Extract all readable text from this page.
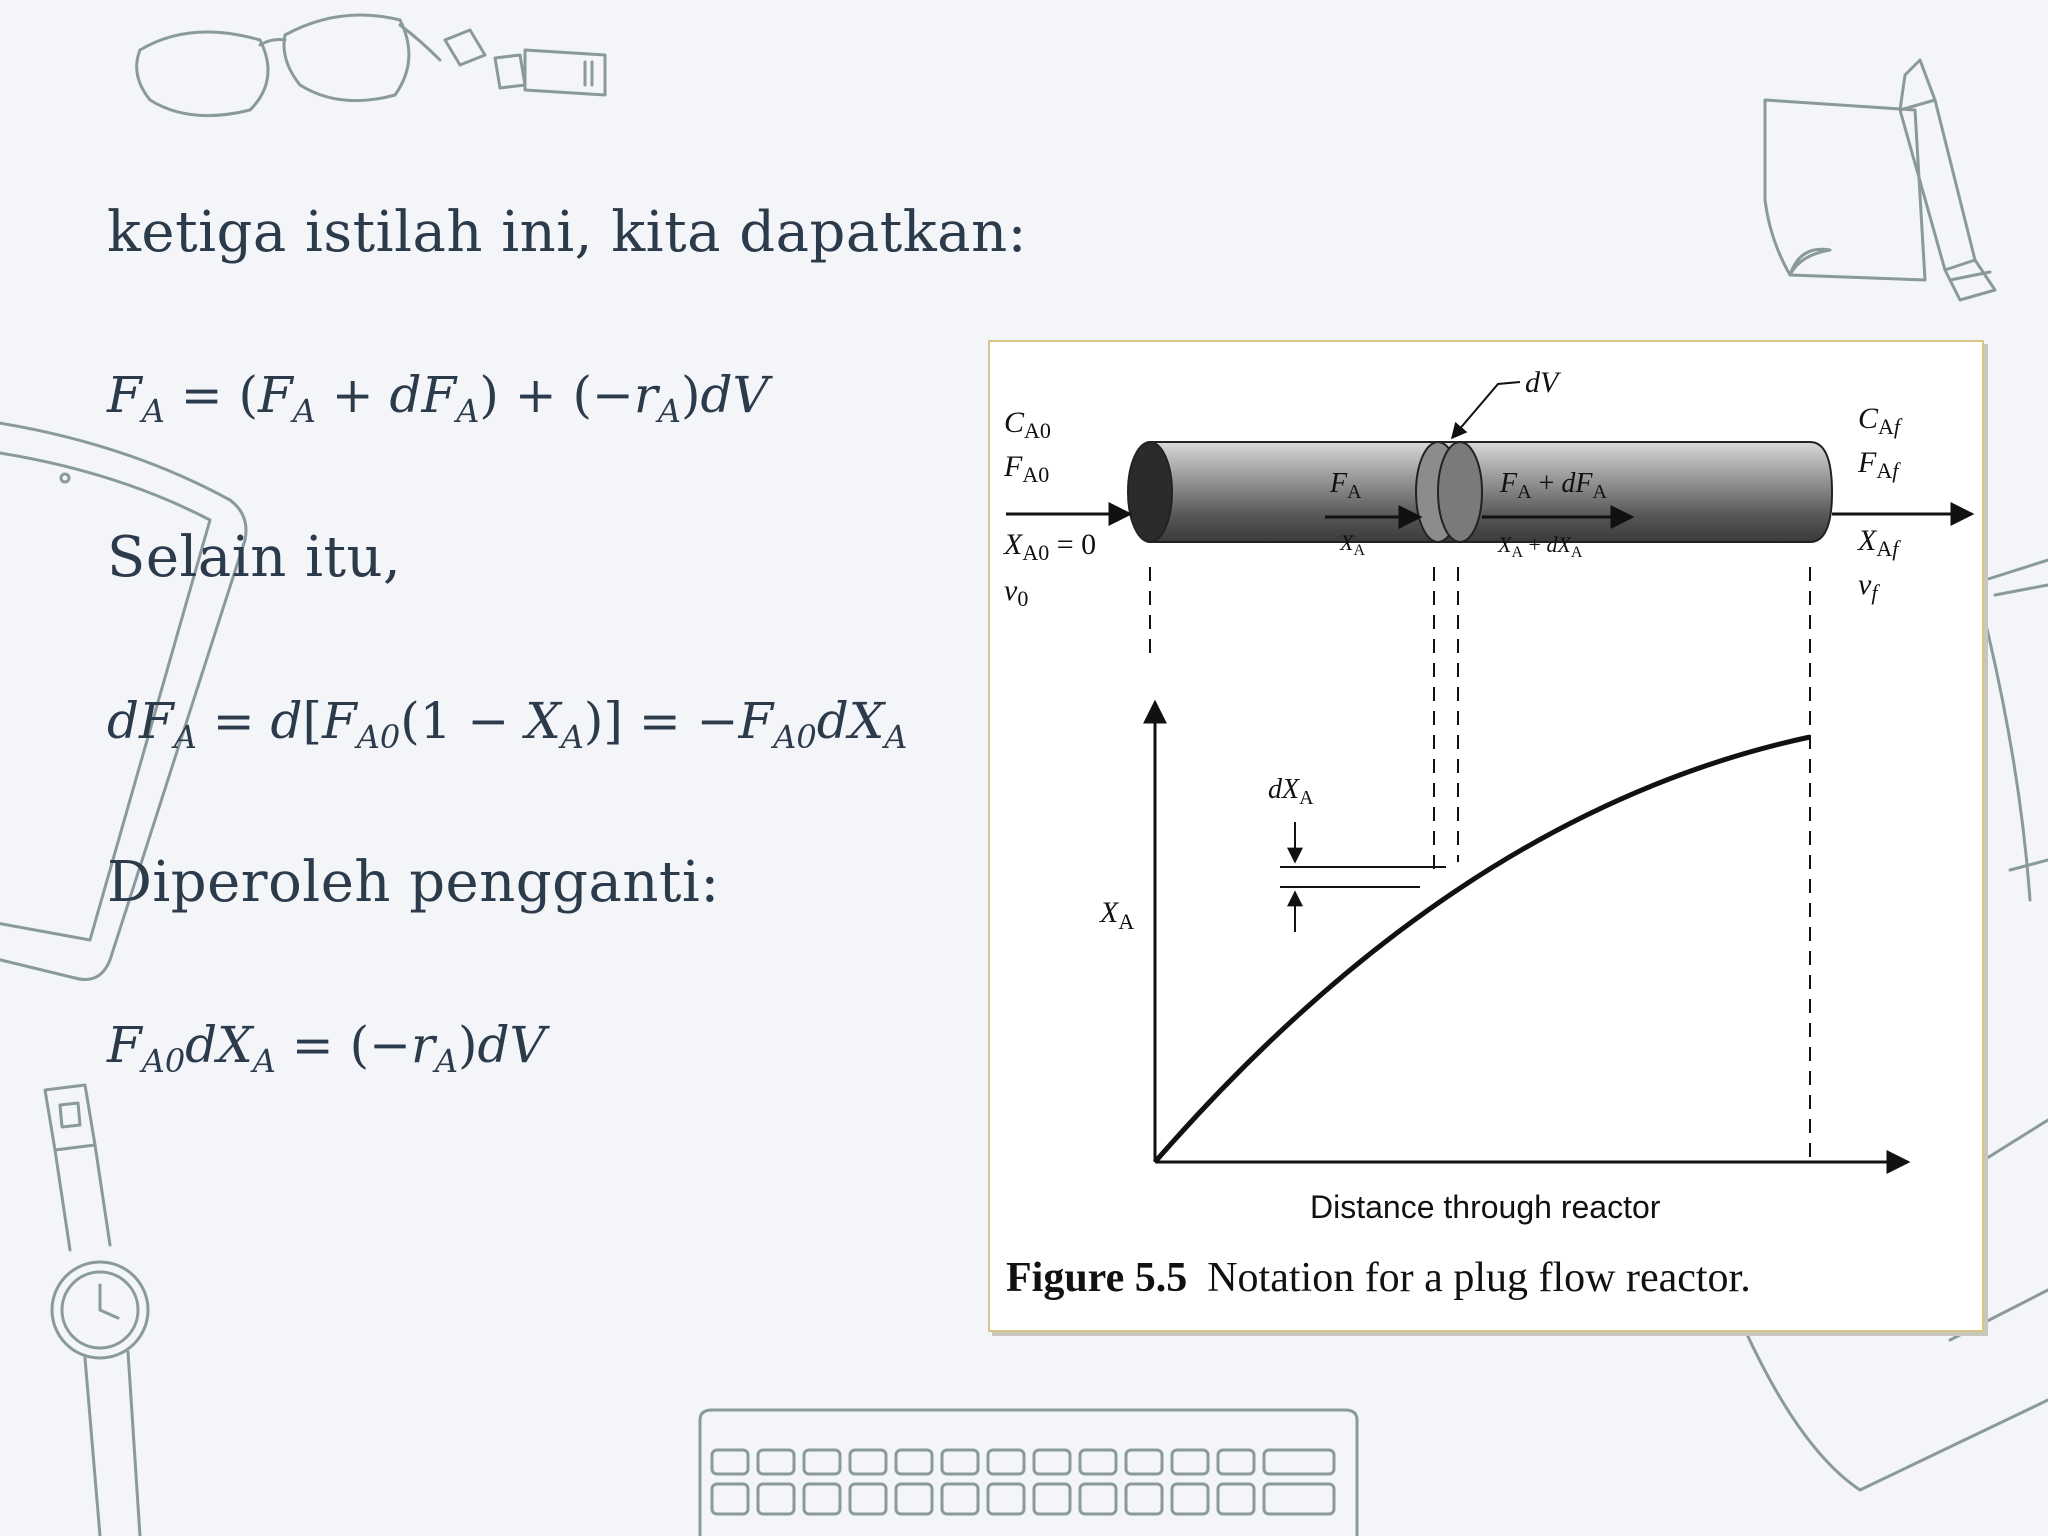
ketiga istilah ini, kita dapatkan:
$F_A = (F_A + dF_A) + (-r_A)dV$
Selain itu,
$dF_A = d[F_{A0}(1 - X_A)] = -F_{A0}dX_A$
Diperoleh pengganti:
$F_{A0}dX_A = (-r_A)dV$
dV
$C_{A0}$
$F_{A0}$
$X_{A0} = 0$
$v_0$
$C_Af$
$F_Af$
$X_Af$
$v_f$
$F_A$
$X_A$
$F_A + dF_A$
$X_A + dX_A$
$dX_A$
$X_A$
Distance through reactor
Figure 5.5 Notation for a plug flow reactor.
